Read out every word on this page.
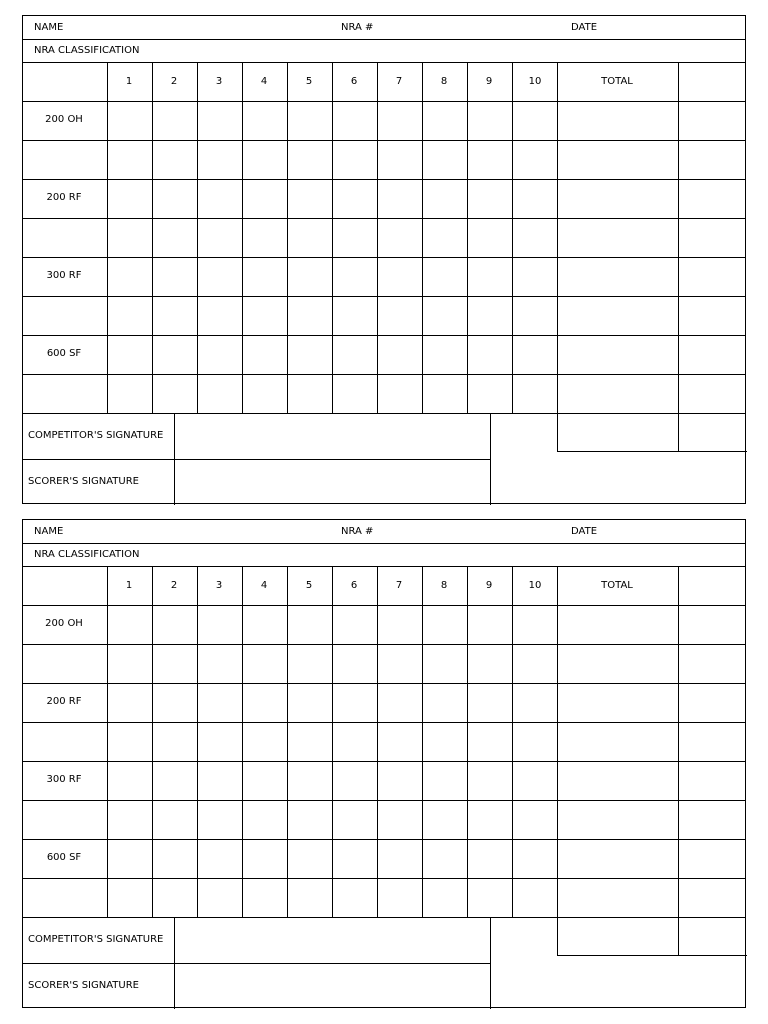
NAME	NRA #	DATE
NRA CLASSIFICATION
1	2	3	4	5	6	7	8	9	10	TOTAL
200 OH
200 RF
300 RF
600 SF
COMPETITOR'S SIGNATURE
SCORER'S SIGNATURE
NAME	NRA #	DATE
NRA CLASSIFICATION
1	2	3	4	5	6	7	8	9	10	TOTAL
200 OH
200 RF
300 RF
600 SF
COMPETITOR'S SIGNATURE
SCORER'S SIGNATURE
